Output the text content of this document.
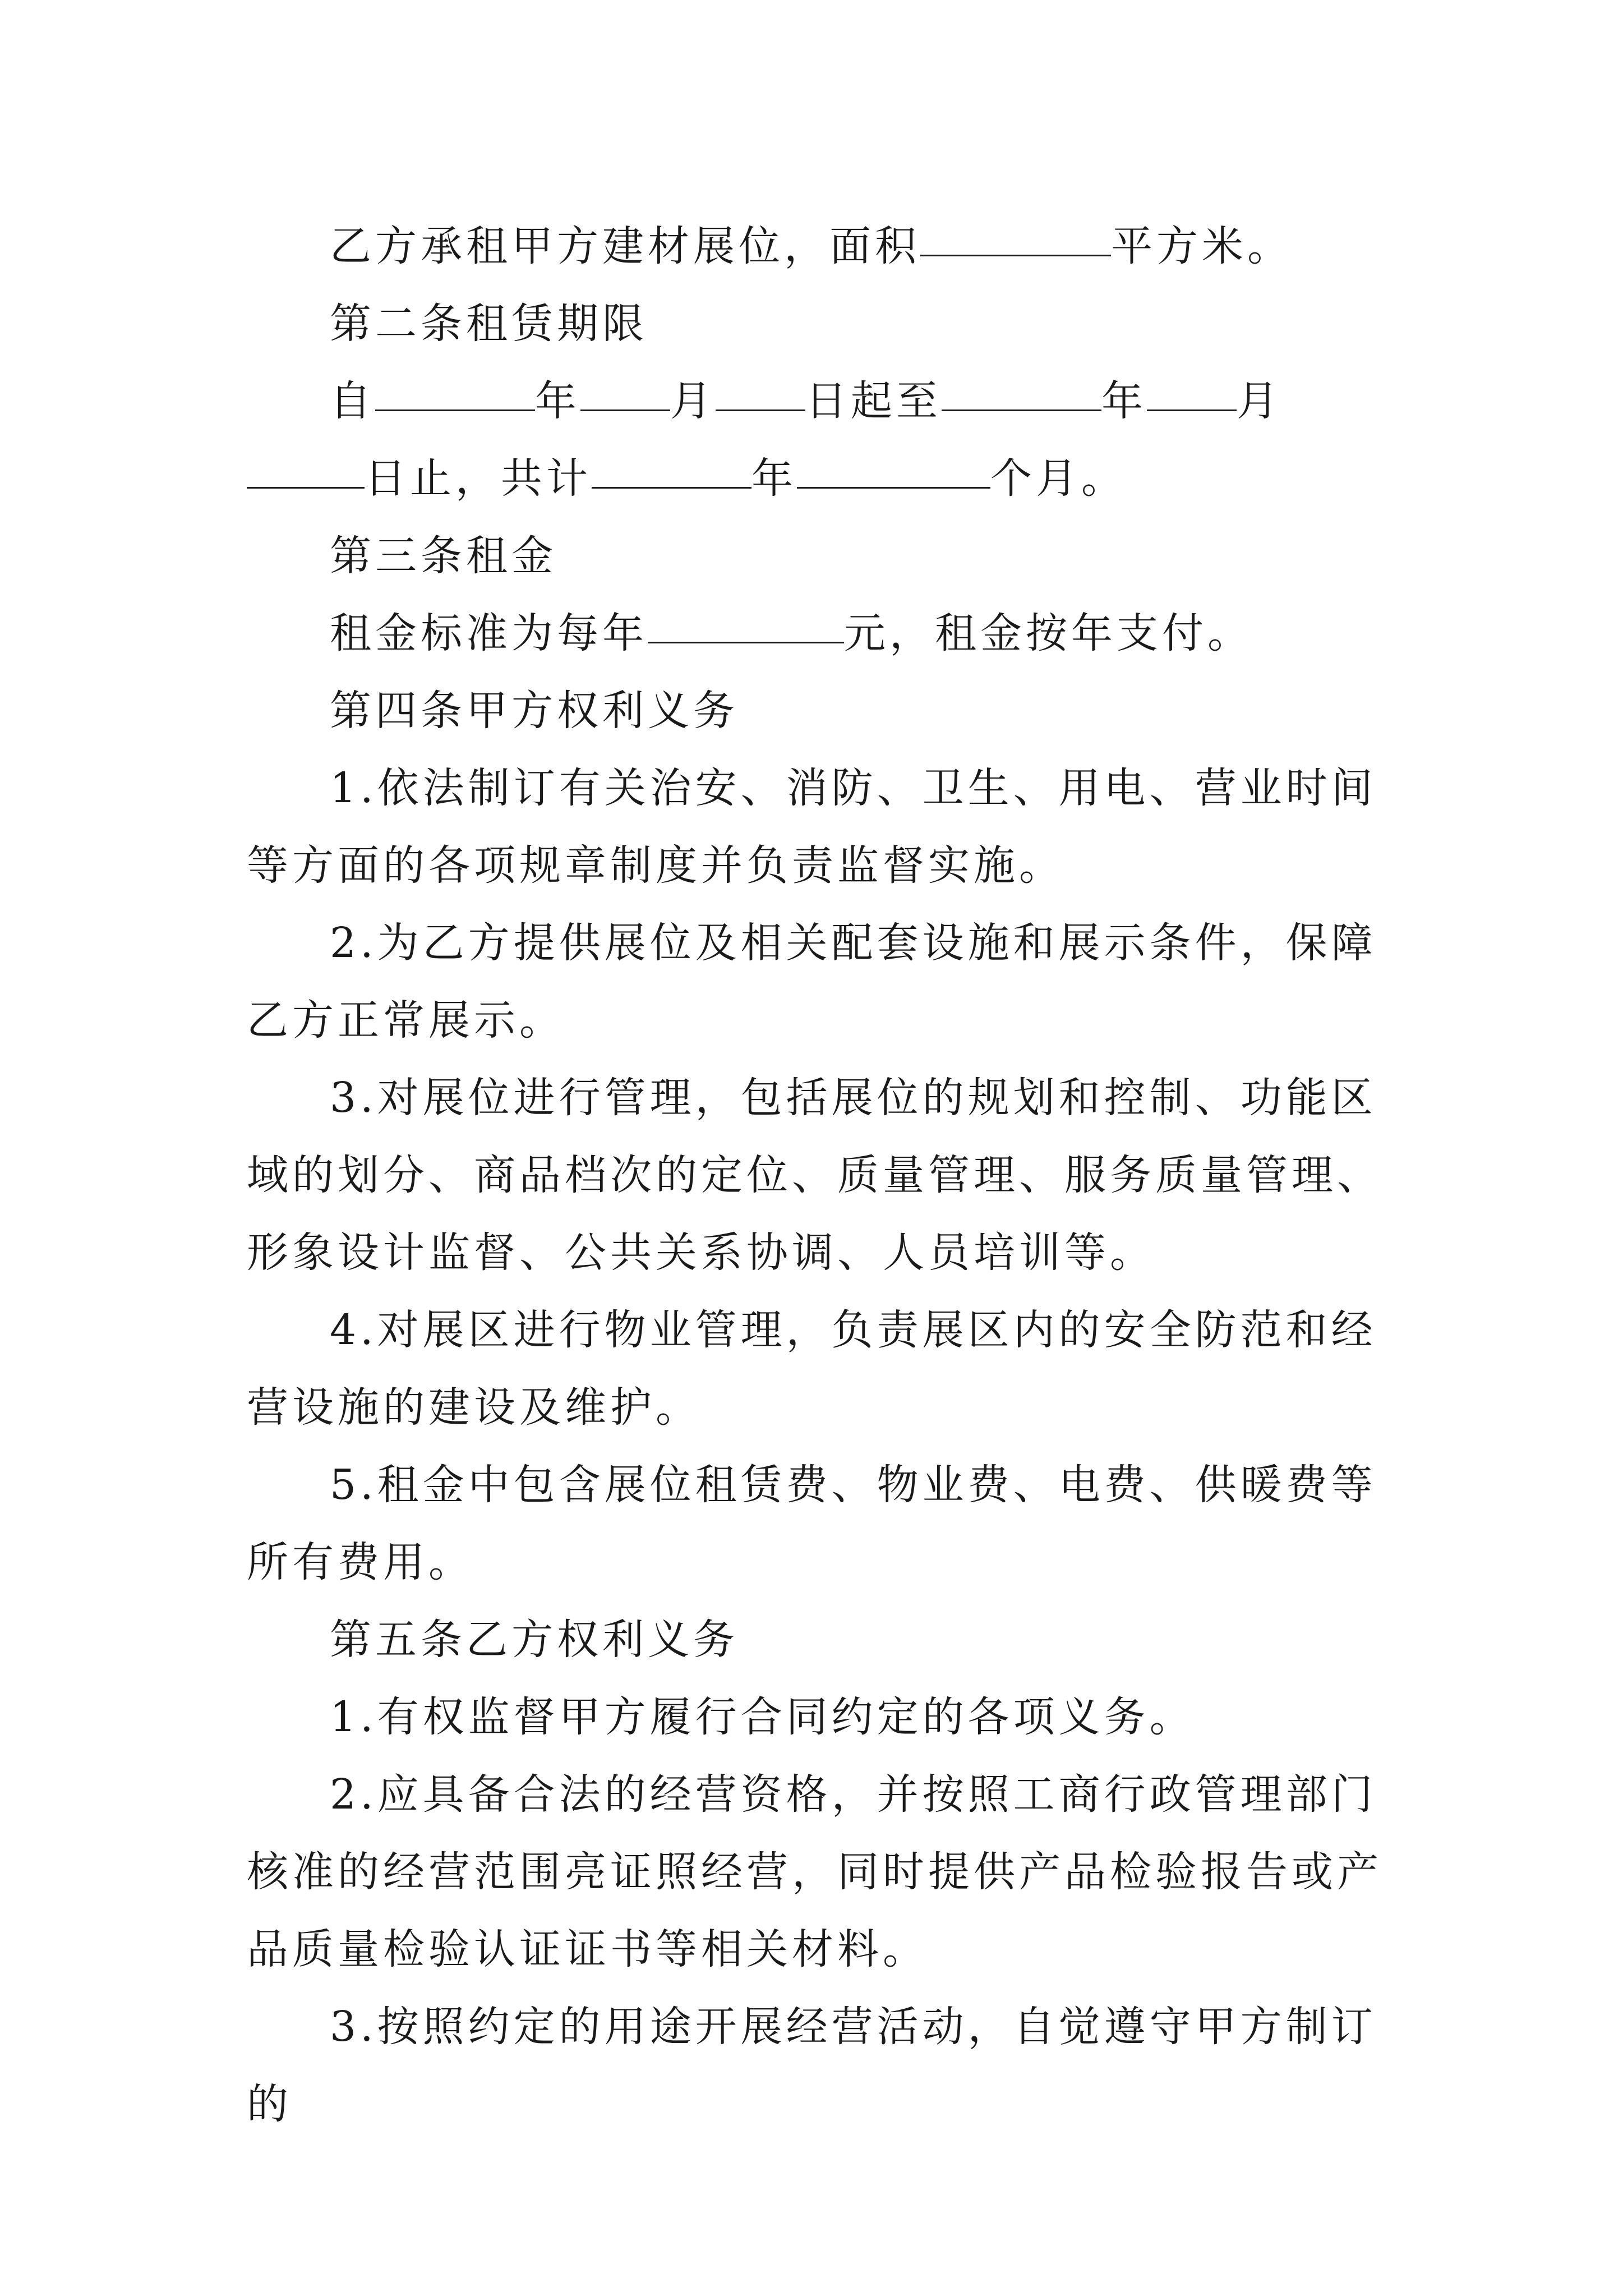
乙方承租甲方建材展位，面积	平方米。

第二条租赁期限

自	年 月 日起至	年 月日止，共计	年	个月。

第三条租金

租金标准为每年	元，租金按年支付。

第四条甲方权利义务

1.依法制订有关治安、消防、卫生、用电、营业时间等方面的各项规章制度并负责监督实施。

2.为乙方提供展位及相关配套设施和展示条件，保障乙方正常展示。

3.对展位进行管理，包括展位的规划和控制、功能区域的划分、商品档次的定位、质量管理、服务质量管理、形象设计监督、公共关系协调、人员培训等。

4.对展区进行物业管理，负责展区内的安全防范和经营设施的建设及维护。

5.租金中包含展位租赁费、物业费、电费、供暖费等所有费用。

第五条乙方权利义务

1.有权监督甲方履行合同约定的各项义务。

2.应具备合法的经营资格，并按照工商行政管理部门核准的经营范围亮证照经营，同时提供产品检验报告或产品质量检验认证证书等相关材料。

3.按照约定的用途开展经营活动，自觉遵守甲方制订的
